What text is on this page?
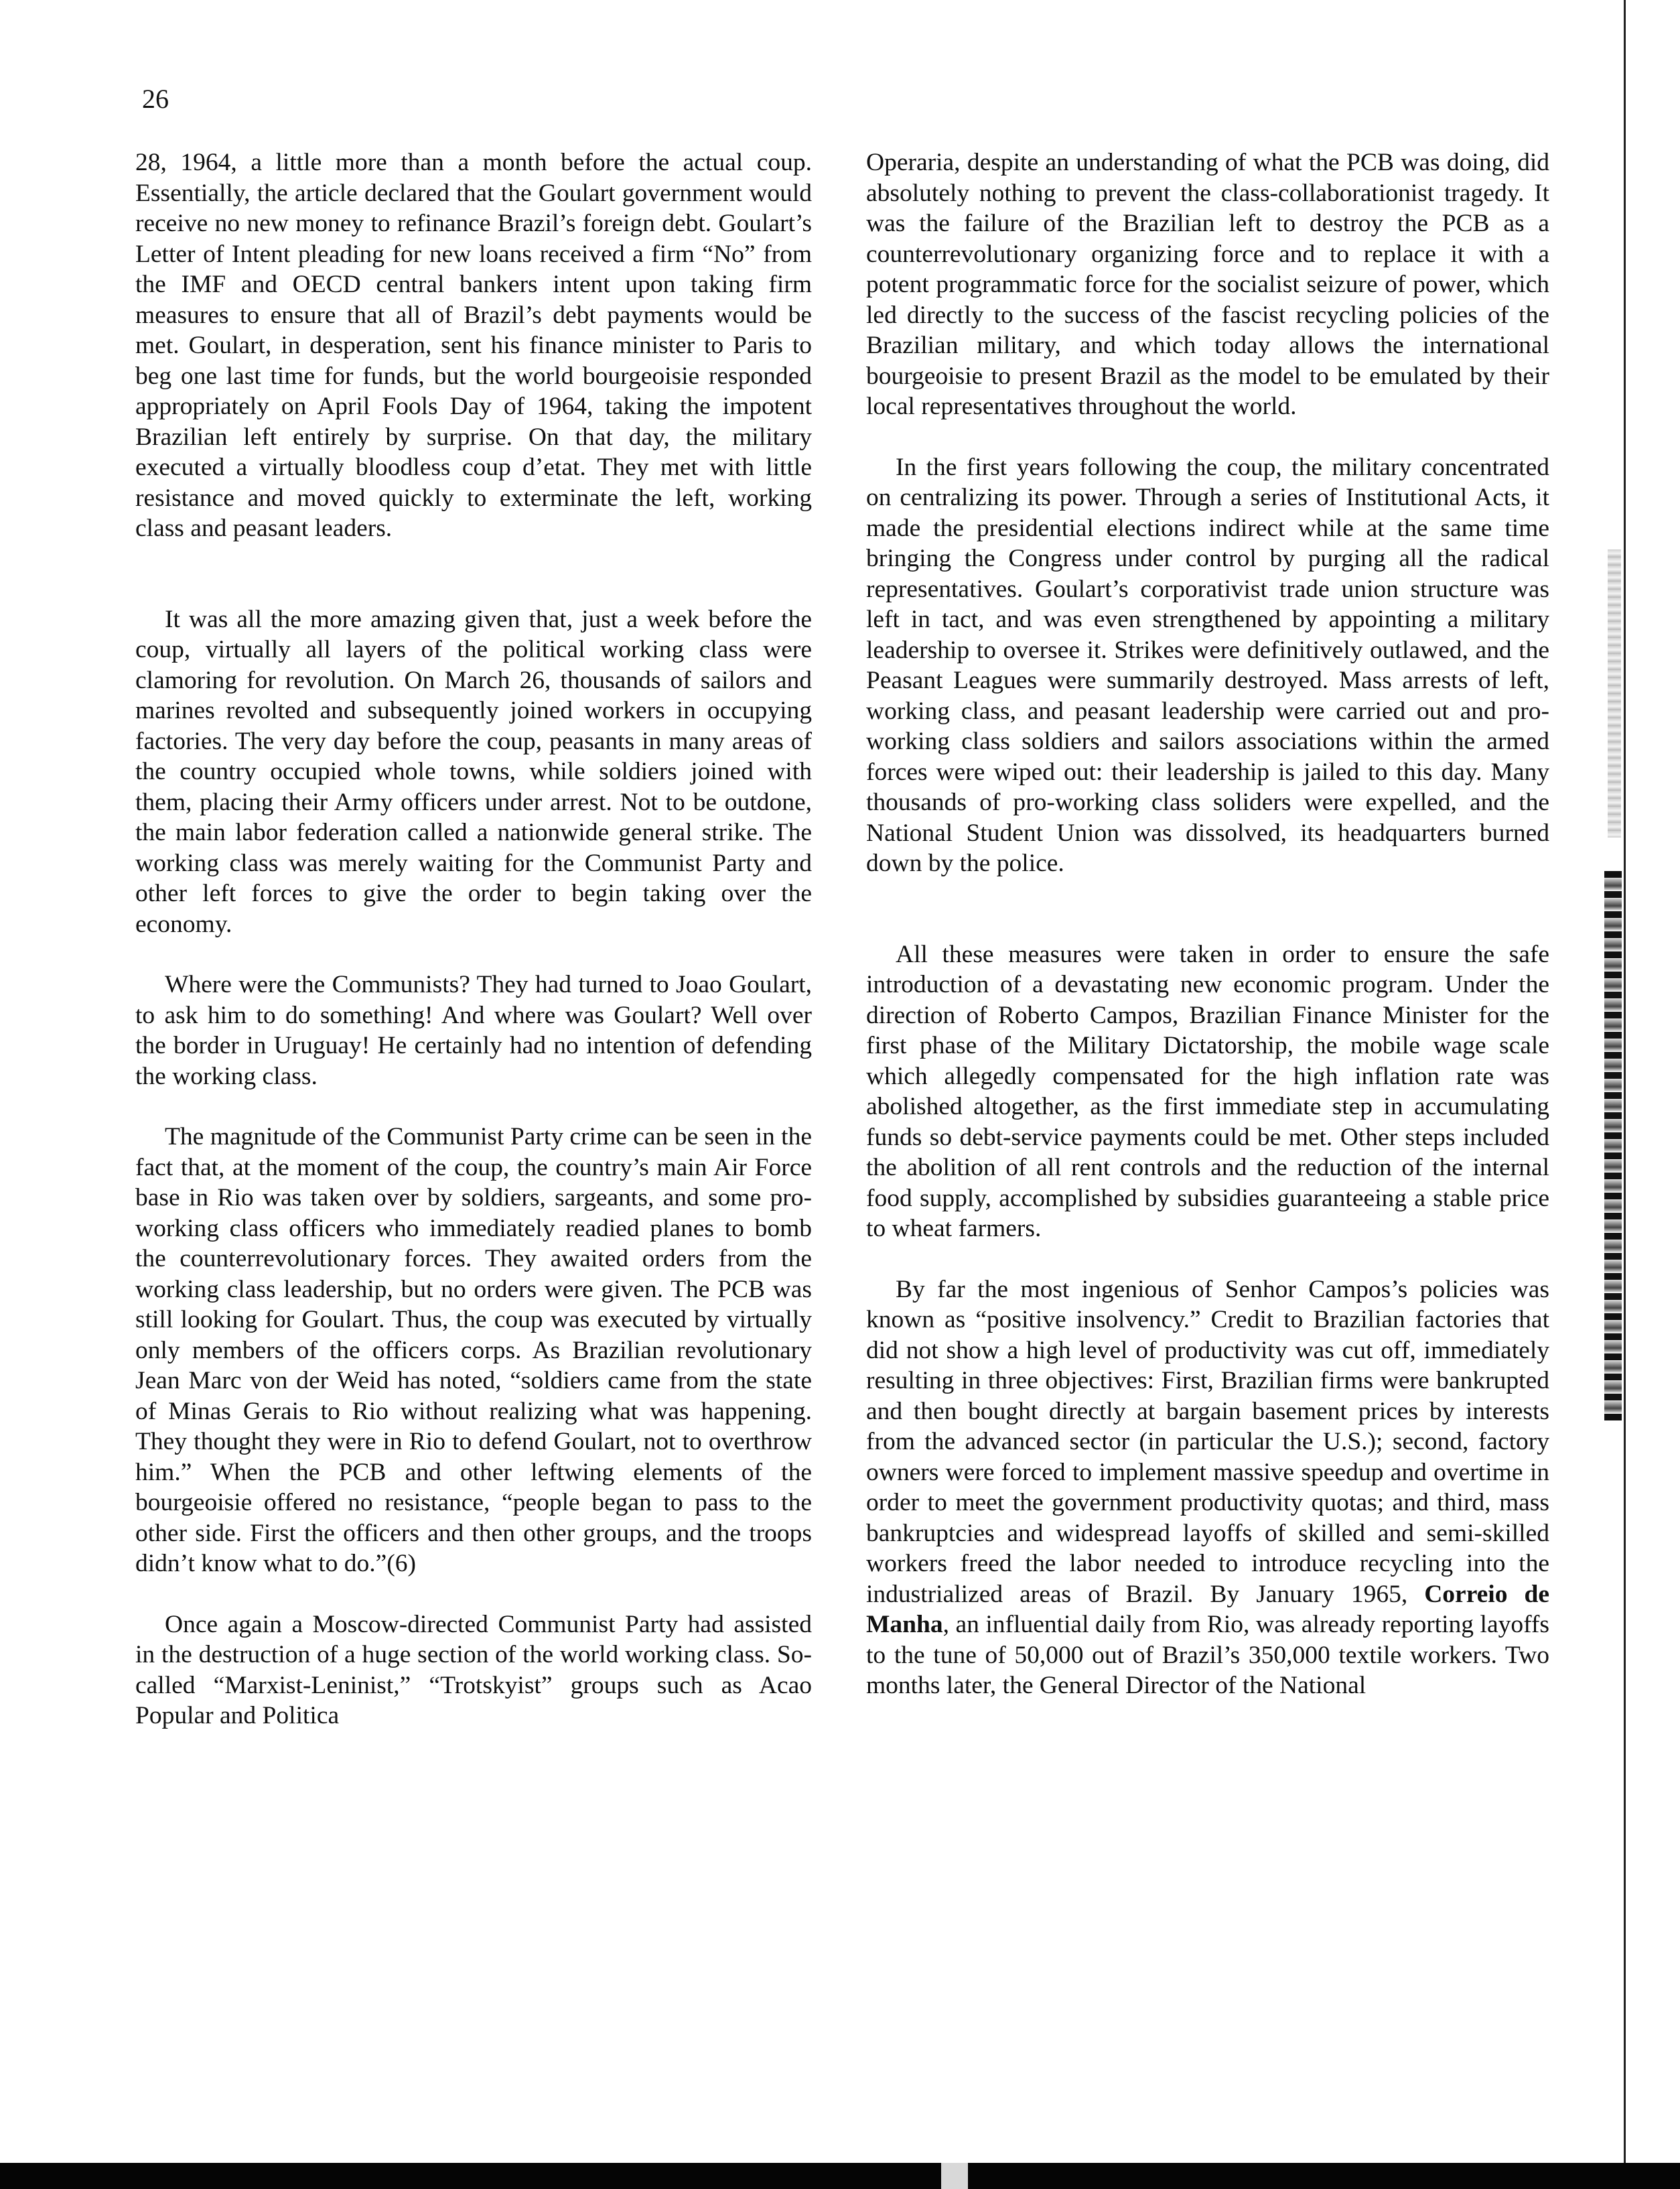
26

28, 1964, a little more than a month before the actual coup. Essentially, the article declared that the Goulart government would receive no new money to refinance Brazil’s foreign debt. Goulart’s Letter of Intent pleading for new loans received a firm “No” from the IMF and OECD central bankers intent upon taking firm measures to ensure that all of Brazil’s debt payments would be met. Goulart, in desperation, sent his finance minister to Paris to beg one last time for funds, but the world bourgeoisie responded appropriately on April Fools Day of 1964, taking the impotent Brazilian left entirely by surprise. On that day, the military executed a virtually bloodless coup d’etat. They met with little resistance and moved quickly to exterminate the left, working class and peasant leaders.

It was all the more amazing given that, just a week before the coup, virtually all layers of the political working class were clamoring for revolution. On March 26, thousands of sailors and marines revolted and subsequently joined workers in occupying factories. The very day before the coup, peasants in many areas of the country occupied whole towns, while soldiers joined with them, placing their Army officers under arrest. Not to be outdone, the main labor federation called a nationwide general strike. The working class was merely waiting for the Communist Party and other left forces to give the order to begin taking over the economy.

Where were the Communists? They had turned to Joao Goulart, to ask him to do something! And where was Goulart? Well over the border in Uruguay! He certainly had no intention of defending the working class.

The magnitude of the Communist Party crime can be seen in the fact that, at the moment of the coup, the country’s main Air Force base in Rio was taken over by soldiers, sargeants, and some pro-working class officers who immediately readied planes to bomb the counterrevolutionary forces. They awaited orders from the working class leadership, but no orders were given. The PCB was still looking for Goulart. Thus, the coup was executed by virtually only members of the officers corps. As Brazilian revolutionary Jean Marc von der Weid has noted, “soldiers came from the state of Minas Gerais to Rio without realizing what was happening. They thought they were in Rio to defend Goulart, not to overthrow him.” When the PCB and other leftwing elements of the bourgeoisie offered no resistance, “people began to pass to the other side. First the officers and then other groups, and the troops didn’t know what to do.”(6)

Once again a Moscow-directed Communist Party had assisted in the destruction of a huge section of the world working class. So-called “Marxist-Leninist,” “Trotskyist” groups such as Acao Popular and Politica

Operaria, despite an understanding of what the PCB was doing, did absolutely nothing to prevent the class-collaborationist tragedy. It was the failure of the Brazilian left to destroy the PCB as a counterrevolutionary organizing force and to replace it with a potent programmatic force for the socialist seizure of power, which led directly to the success of the fascist recycling policies of the Brazilian military, and which today allows the international bourgeoisie to present Brazil as the model to be emulated by their local representatives throughout the world.

In the first years following the coup, the military concentrated on centralizing its power. Through a series of Institutional Acts, it made the presidential elections indirect while at the same time bringing the Congress under control by purging all the radical representatives. Goulart’s corporativist trade union structure was left in tact, and was even strengthened by appointing a military leadership to oversee it. Strikes were definitively outlawed, and the Peasant Leagues were summarily destroyed. Mass arrests of left, working class, and peasant leadership were carried out and pro-working class soldiers and sailors associations within the armed forces were wiped out: their leadership is jailed to this day. Many thousands of pro-working class soliders were expelled, and the National Student Union was dissolved, its headquarters burned down by the police.

All these measures were taken in order to ensure the safe introduction of a devastating new economic program. Under the direction of Roberto Campos, Brazilian Finance Minister for the first phase of the Military Dictatorship, the mobile wage scale which allegedly compensated for the high inflation rate was abolished altogether, as the first immediate step in accumulating funds so debt-service payments could be met. Other steps included the abolition of all rent controls and the reduction of the internal food supply, accomplished by subsidies guaranteeing a stable price to wheat farmers.

By far the most ingenious of Senhor Campos’s policies was known as “positive insolvency.” Credit to Brazilian factories that did not show a high level of productivity was cut off, immediately resulting in three objectives: First, Brazilian firms were bankrupted and then bought directly at bargain basement prices by interests from the advanced sector (in particular the U.S.); second, factory owners were forced to implement massive speedup and overtime in order to meet the government productivity quotas; and third, mass bankruptcies and widespread layoffs of skilled and semi-skilled workers freed the labor needed to introduce recycling into the industrialized areas of Brazil. By January 1965, Correio de Manha, an influential daily from Rio, was already reporting layoffs to the tune of 50,000 out of Brazil’s 350,000 textile workers. Two months later, the General Director of the National
